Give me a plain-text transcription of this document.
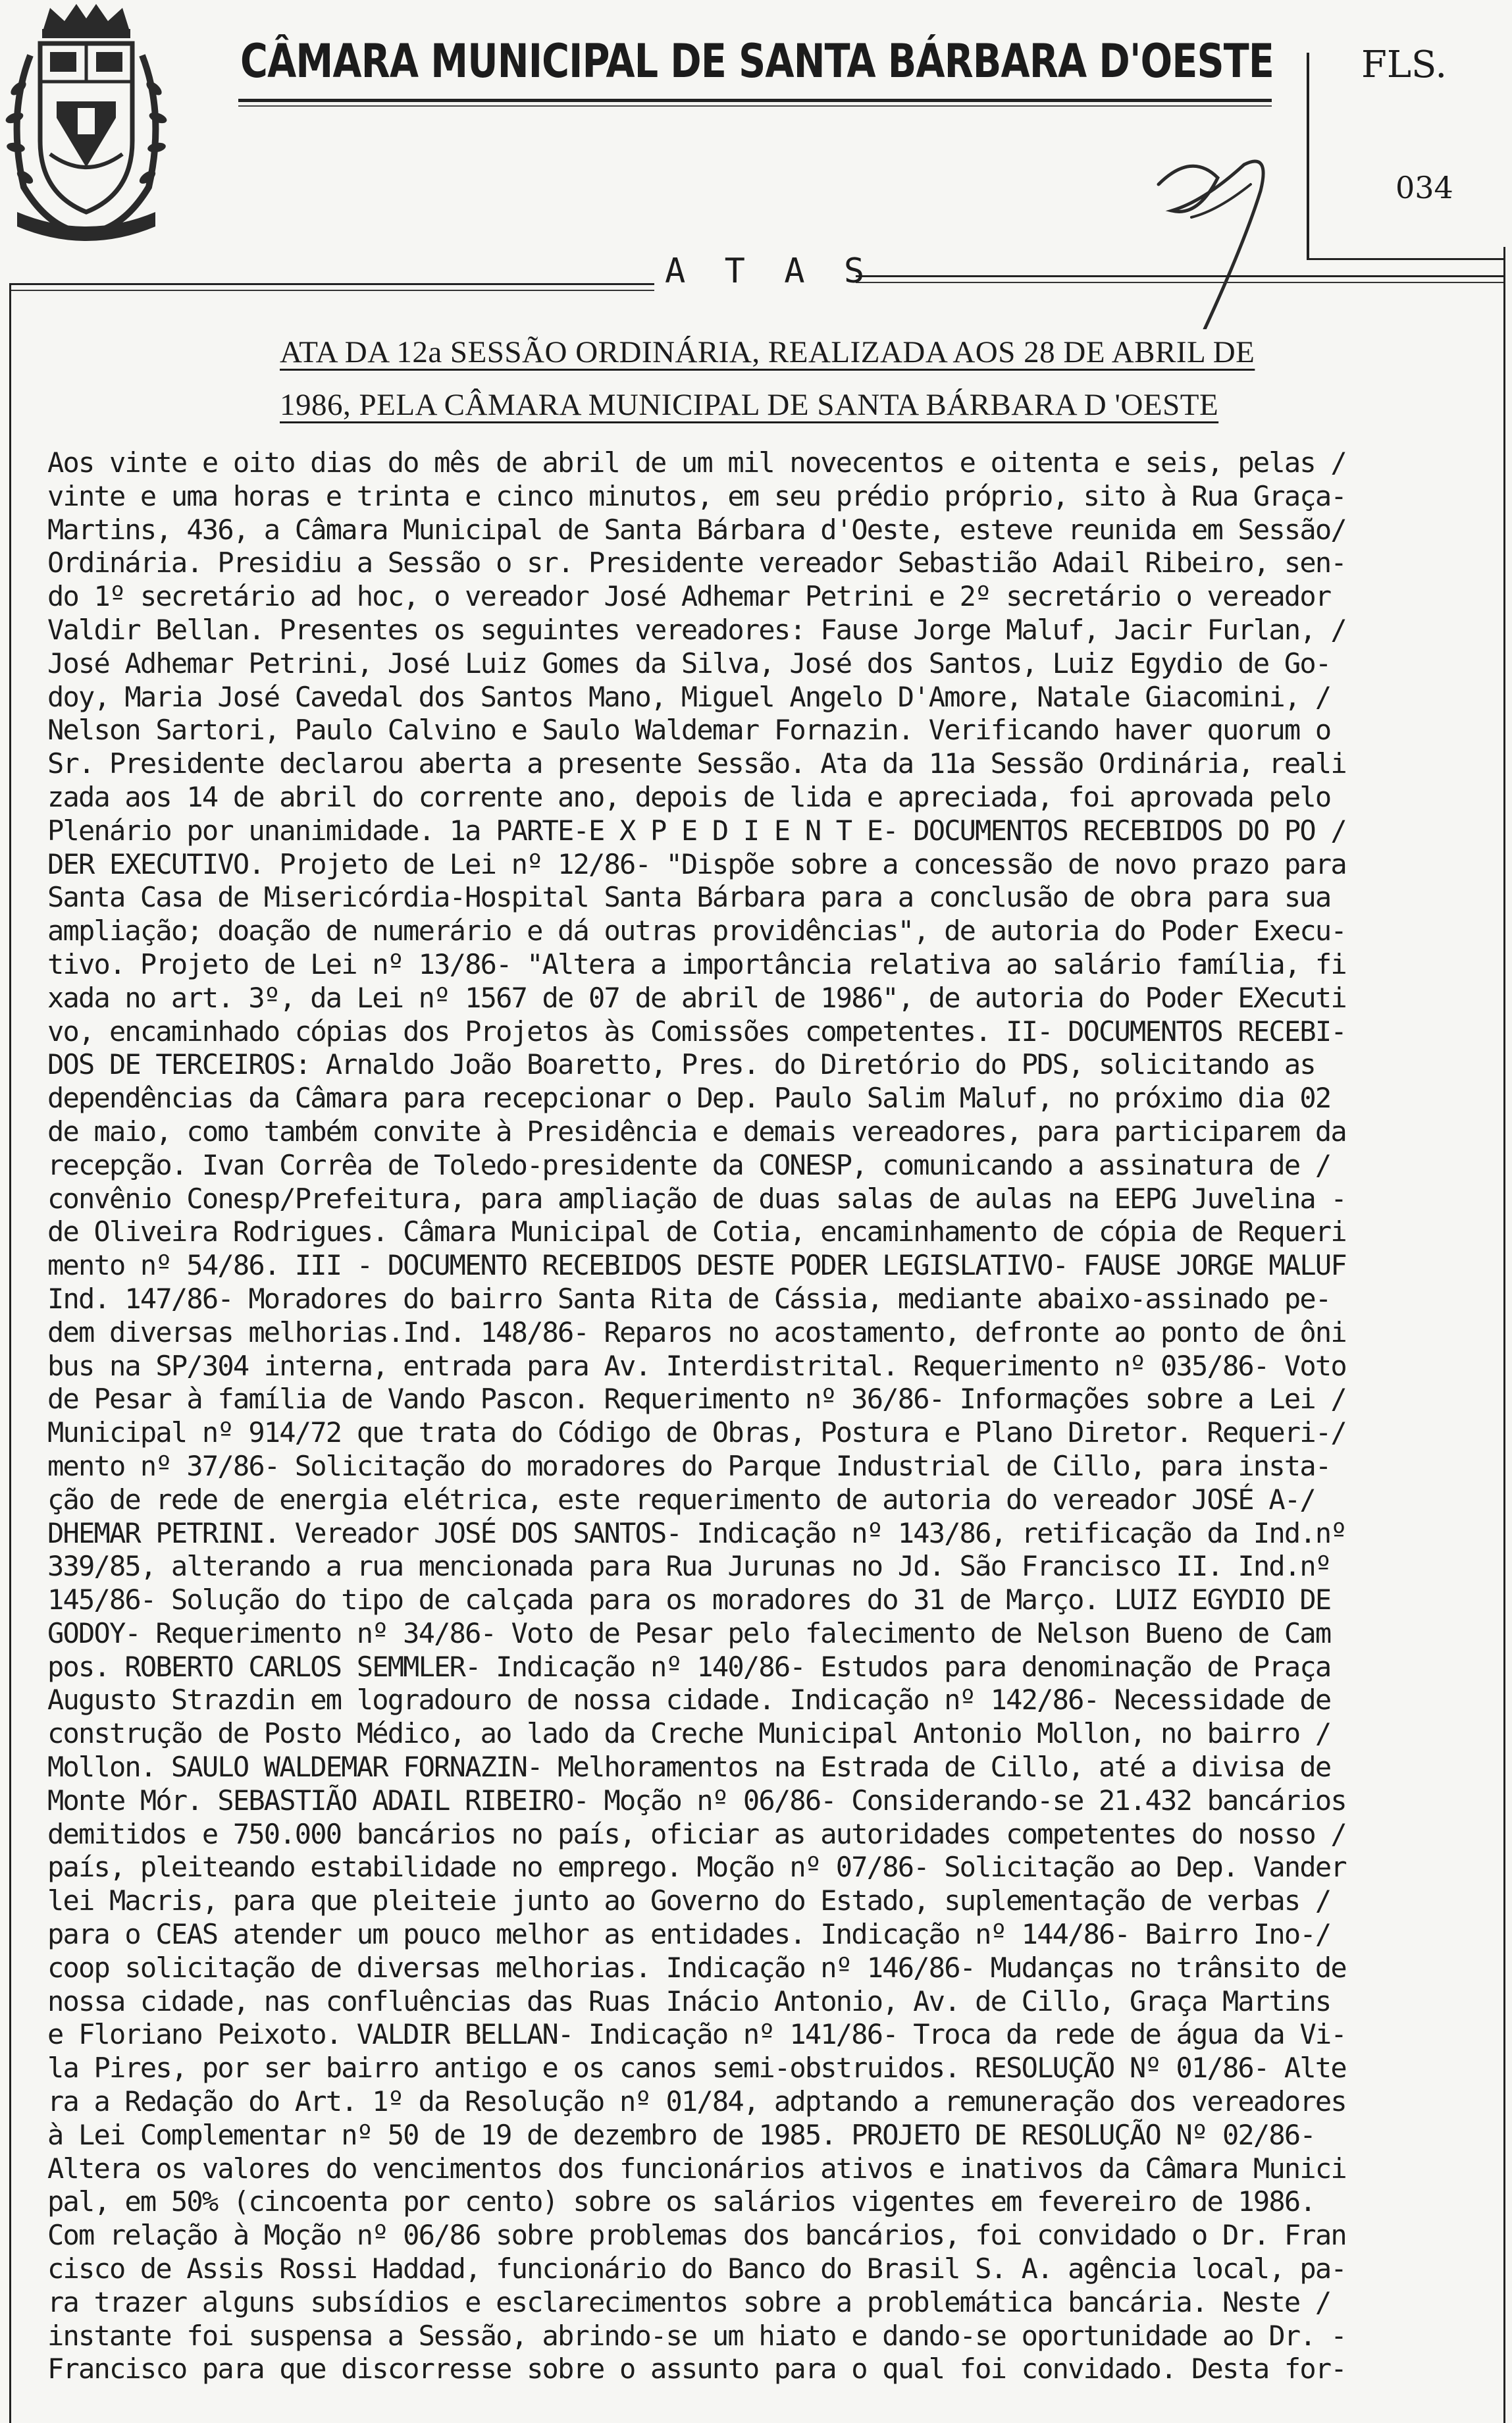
CÂMARA MUNICIPAL DE SANTA BÁRBARA D'OESTE FLS.
034
A T A S
ATA DA 12a SESSÃO ORDINÁRIA, REALIZADA AOS 28 DE ABRIL DE
1986, PELA CÂMARA MUNICIPAL DE SANTA BÁRBARA D 'OESTE
Aos vinte e oito dias do mês de abril de um mil novecentos e oitenta e seis, pelas /
vinte e uma horas e trinta e cinco minutos, em seu prédio próprio, sito à Rua Graça-
Martins, 436, a Câmara Municipal de Santa Bárbara d'Oeste, esteve reunida em Sessão/
Ordinária. Presidiu a Sessão o sr. Presidente vereador Sebastião Adail Ribeiro, sen-
do 1º secretário ad hoc, o vereador José Adhemar Petrini e 2º secretário o vereador
Valdir Bellan. Presentes os seguintes vereadores: Fause Jorge Maluf, Jacir Furlan, /
José Adhemar Petrini, José Luiz Gomes da Silva, José dos Santos, Luiz Egydio de Go-
doy, Maria José Cavedal dos Santos Mano, Miguel Angelo D'Amore, Natale Giacomini, /
Nelson Sartori, Paulo Calvino e Saulo Waldemar Fornazin. Verificando haver quorum o
Sr. Presidente declarou aberta a presente Sessão. Ata da 11a Sessão Ordinária, reali
zada aos 14 de abril do corrente ano, depois de lida e apreciada, foi aprovada pelo
Plenário por unanimidade. 1a PARTE-E X P E D I E N T E- DOCUMENTOS RECEBIDOS DO PO /
DER EXECUTIVO. Projeto de Lei nº 12/86- "Dispõe sobre a concessão de novo prazo para
Santa Casa de Misericórdia-Hospital Santa Bárbara para a conclusão de obra para sua
ampliação; doação de numerário e dá outras providências", de autoria do Poder Execu-
tivo. Projeto de Lei nº 13/86- "Altera a importância relativa ao salário família, fi
xada no art. 3º, da Lei nº 1567 de 07 de abril de 1986", de autoria do Poder EXecuti
vo, encaminhado cópias dos Projetos às Comissões competentes. II- DOCUMENTOS RECEBI-
DOS DE TERCEIROS: Arnaldo João Boaretto, Pres. do Diretório do PDS, solicitando as
dependências da Câmara para recepcionar o Dep. Paulo Salim Maluf, no próximo dia 02
de maio, como também convite à Presidência e demais vereadores, para participarem da
recepção. Ivan Corrêa de Toledo-presidente da CONESP, comunicando a assinatura de /
convênio Conesp/Prefeitura, para ampliação de duas salas de aulas na EEPG Juvelina -
de Oliveira Rodrigues. Câmara Municipal de Cotia, encaminhamento de cópia de Requeri
mento nº 54/86. III - DOCUMENTO RECEBIDOS DESTE PODER LEGISLATIVO- FAUSE JORGE MALUF
Ind. 147/86- Moradores do bairro Santa Rita de Cássia, mediante abaixo-assinado pe-
dem diversas melhorias.Ind. 148/86- Reparos no acostamento, defronte ao ponto de ôni
bus na SP/304 interna, entrada para Av. Interdistrital. Requerimento nº 035/86- Voto
de Pesar à família de Vando Pascon. Requerimento nº 36/86- Informações sobre a Lei /
Municipal nº 914/72 que trata do Código de Obras, Postura e Plano Diretor. Requeri-/
mento nº 37/86- Solicitação do moradores do Parque Industrial de Cillo, para insta-
ção de rede de energia elétrica, este requerimento de autoria do vereador JOSÉ A-/
DHEMAR PETRINI. Vereador JOSÉ DOS SANTOS- Indicação nº 143/86, retificação da Ind.nº
339/85, alterando a rua mencionada para Rua Jurunas no Jd. São Francisco II. Ind.nº
145/86- Solução do tipo de calçada para os moradores do 31 de Março. LUIZ EGYDIO DE
GODOY- Requerimento nº 34/86- Voto de Pesar pelo falecimento de Nelson Bueno de Cam
pos. ROBERTO CARLOS SEMMLER- Indicação nº 140/86- Estudos para denominação de Praça
Augusto Strazdin em logradouro de nossa cidade. Indicação nº 142/86- Necessidade de
construção de Posto Médico, ao lado da Creche Municipal Antonio Mollon, no bairro /
Mollon. SAULO WALDEMAR FORNAZIN- Melhoramentos na Estrada de Cillo, até a divisa de
Monte Mór. SEBASTIÃO ADAIL RIBEIRO- Moção nº 06/86- Considerando-se 21.432 bancários
demitidos e 750.000 bancários no país, oficiar as autoridades competentes do nosso /
país, pleiteando estabilidade no emprego. Moção nº 07/86- Solicitação ao Dep. Vander
lei Macris, para que pleiteie junto ao Governo do Estado, suplementação de verbas /
para o CEAS atender um pouco melhor as entidades. Indicação nº 144/86- Bairro Ino-/
coop solicitação de diversas melhorias. Indicação nº 146/86- Mudanças no trânsito de
nossa cidade, nas confluências das Ruas Inácio Antonio, Av. de Cillo, Graça Martins
e Floriano Peixoto. VALDIR BELLAN- Indicação nº 141/86- Troca da rede de água da Vi-
la Pires, por ser bairro antigo e os canos semi-obstruidos. RESOLUÇÃO Nº 01/86- Alte
ra a Redação do Art. 1º da Resolução nº 01/84, adptando a remuneração dos vereadores
à Lei Complementar nº 50 de 19 de dezembro de 1985. PROJETO DE RESOLUÇÃO Nº 02/86-
Altera os valores do vencimentos dos funcionários ativos e inativos da Câmara Munici
pal, em 50% (cincoenta por cento) sobre os salários vigentes em fevereiro de 1986.
Com relação à Moção nº 06/86 sobre problemas dos bancários, foi convidado o Dr. Fran
cisco de Assis Rossi Haddad, funcionário do Banco do Brasil S. A. agência local, pa-
ra trazer alguns subsídios e esclarecimentos sobre a problemática bancária. Neste /
instante foi suspensa a Sessão, abrindo-se um hiato e dando-se oportunidade ao Dr. -
Francisco para que discorresse sobre o assunto para o qual foi convidado. Desta for-
